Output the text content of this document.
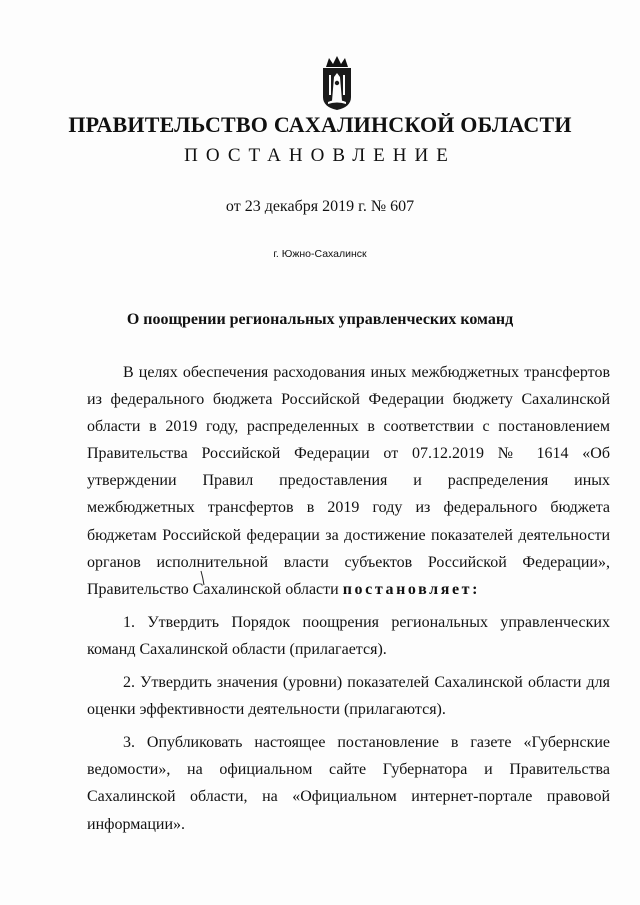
ПРАВИТЕЛЬСТВО САХАЛИНСКОЙ ОБЛАСТИ
ПОСТАНОВЛЕНИЕ
от 23 декабря 2019 г. № 607
г. Южно-Сахалинск
О поощрении региональных управленческих команд

В целях обеспечения расходования иных межбюджетных трансфертов из федерального бюджета Российской Федерации бюджету Сахалинской области в 2019 году, распределенных в соответствии с постановлением Правительства Российской Федерации от 07.12.2019 № 1614 «Об утверждении Правил предоставления и распределения иных межбюджетных трансфертов в 2019 году из федерального бюджета бюджетам Российской федерации за достижение показателей деятельности органов исполнительной власти субъектов Российской Федерации», Правительство Сахалинской области постановляет:

1. Утвердить Порядок поощрения региональных управленческих команд Сахалинской области (прилагается).

2. Утвердить значения (уровни) показателей Сахалинской области для оценки эффективности деятельности (прилагаются).

3. Опубликовать настоящее постановление в газете «Губернские ведомости», на официальном сайте Губернатора и Правительства Сахалинской области, на «Официальном интернет-портале правовой информации».
